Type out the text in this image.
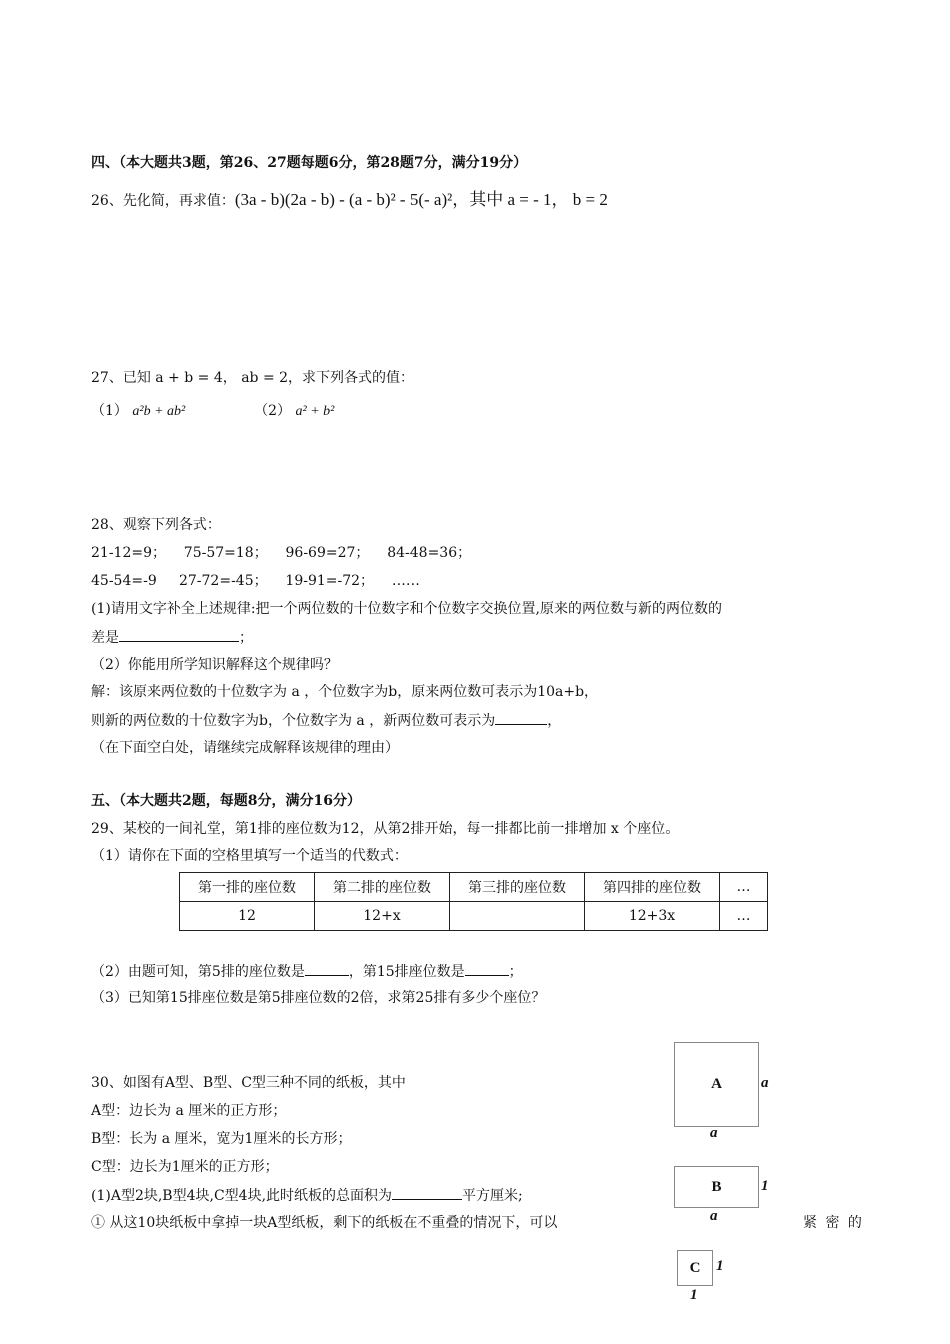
四、（本大题共3题，第26、27题每题6分，第28题7分，满分19分）
26、先化简，再求值：(3a - b)(2a - b) - (a - b)² - 5(- a)²，其中 a = - 1， b = 2
27、已知 a + b = 4， ab = 2，求下列各式的值：
（1） a²b + ab²	（2） a² + b²
28、观察下列各式：
21-12=9；    75-57=18；    96-69=27；    84-48=36；
45-54=-9     27-72=-45；    19-91=-72；    ……
(1)请用文字补全上述规律:把一个两位数的十位数字和个位数字交换位置,原来的两位数与新的两位数的
差是	；
（2）你能用所学知识解释这个规律吗？
解：该原来两位数的十位数字为 a ，个位数字为b，原来两位数可表示为10a+b，
则新的两位数的十位数字为b，个位数字为 a ，新两位数可表示为	，
（在下面空白处，请继续完成解释该规律的理由）
五、（本大题共2题，每题8分，满分16分）
29、某校的一间礼堂，第1排的座位数为12，从第2排开始，每一排都比前一排增加 x 个座位。
（1）请你在下面的空格里填写一个适当的代数式：
第一排的座位数	第二排的座位数	第三排的座位数	第四排的座位数	…
12	12+x		12+3x	…
（2）由题可知，第5排的座位数是	，第15排座位数是	；
（3）已知第15排座位数是第5排座位数的2倍，求第25排有多少个座位？
30、如图有A型、B型、C型三种不同的纸板，其中
A型：边长为 a 厘米的正方形；
B型：长为 a 厘米，宽为1厘米的长方形；
C型：边长为1厘米的正方形；
(1)A型2块,B型4块,C型4块,此时纸板的总面积为	平方厘米;
① 从这10块纸板中拿掉一块A型纸板，剩下的纸板在不重叠的情况下，可以	紧 密 的
A	a
a
B	1
a
C	1
1
